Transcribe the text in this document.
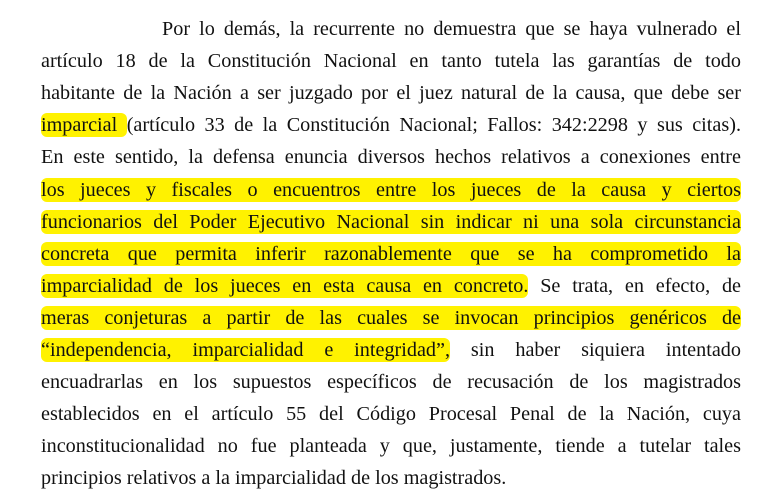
Por lo demás, la recurrente no demuestra que se haya vulnerado el
artículo 18 de la Constitución Nacional en tanto tutela las garantías de todo
habitante de la Nación a ser juzgado por el juez natural de la causa, que debe ser
imparcial (artículo 33 de la Constitución Nacional; Fallos: 342:2298 y sus citas).
En este sentido, la defensa enuncia diversos hechos relativos a conexiones entre
los jueces y fiscales o encuentros entre los jueces de la causa y ciertos
funcionarios del Poder Ejecutivo Nacional sin indicar ni una sola circunstancia
concreta que permita inferir razonablemente que se ha comprometido la
imparcialidad de los jueces en esta causa en concreto. Se trata, en efecto, de
meras conjeturas a partir de las cuales se invocan principios genéricos de
“independencia, imparcialidad e integridad”, sin haber siquiera intentado
encuadrarlas en los supuestos específicos de recusación de los magistrados
establecidos en el artículo 55 del Código Procesal Penal de la Nación, cuya
inconstitucionalidad no fue planteada y que, justamente, tiende a tutelar tales
principios relativos a la imparcialidad de los magistrados.
